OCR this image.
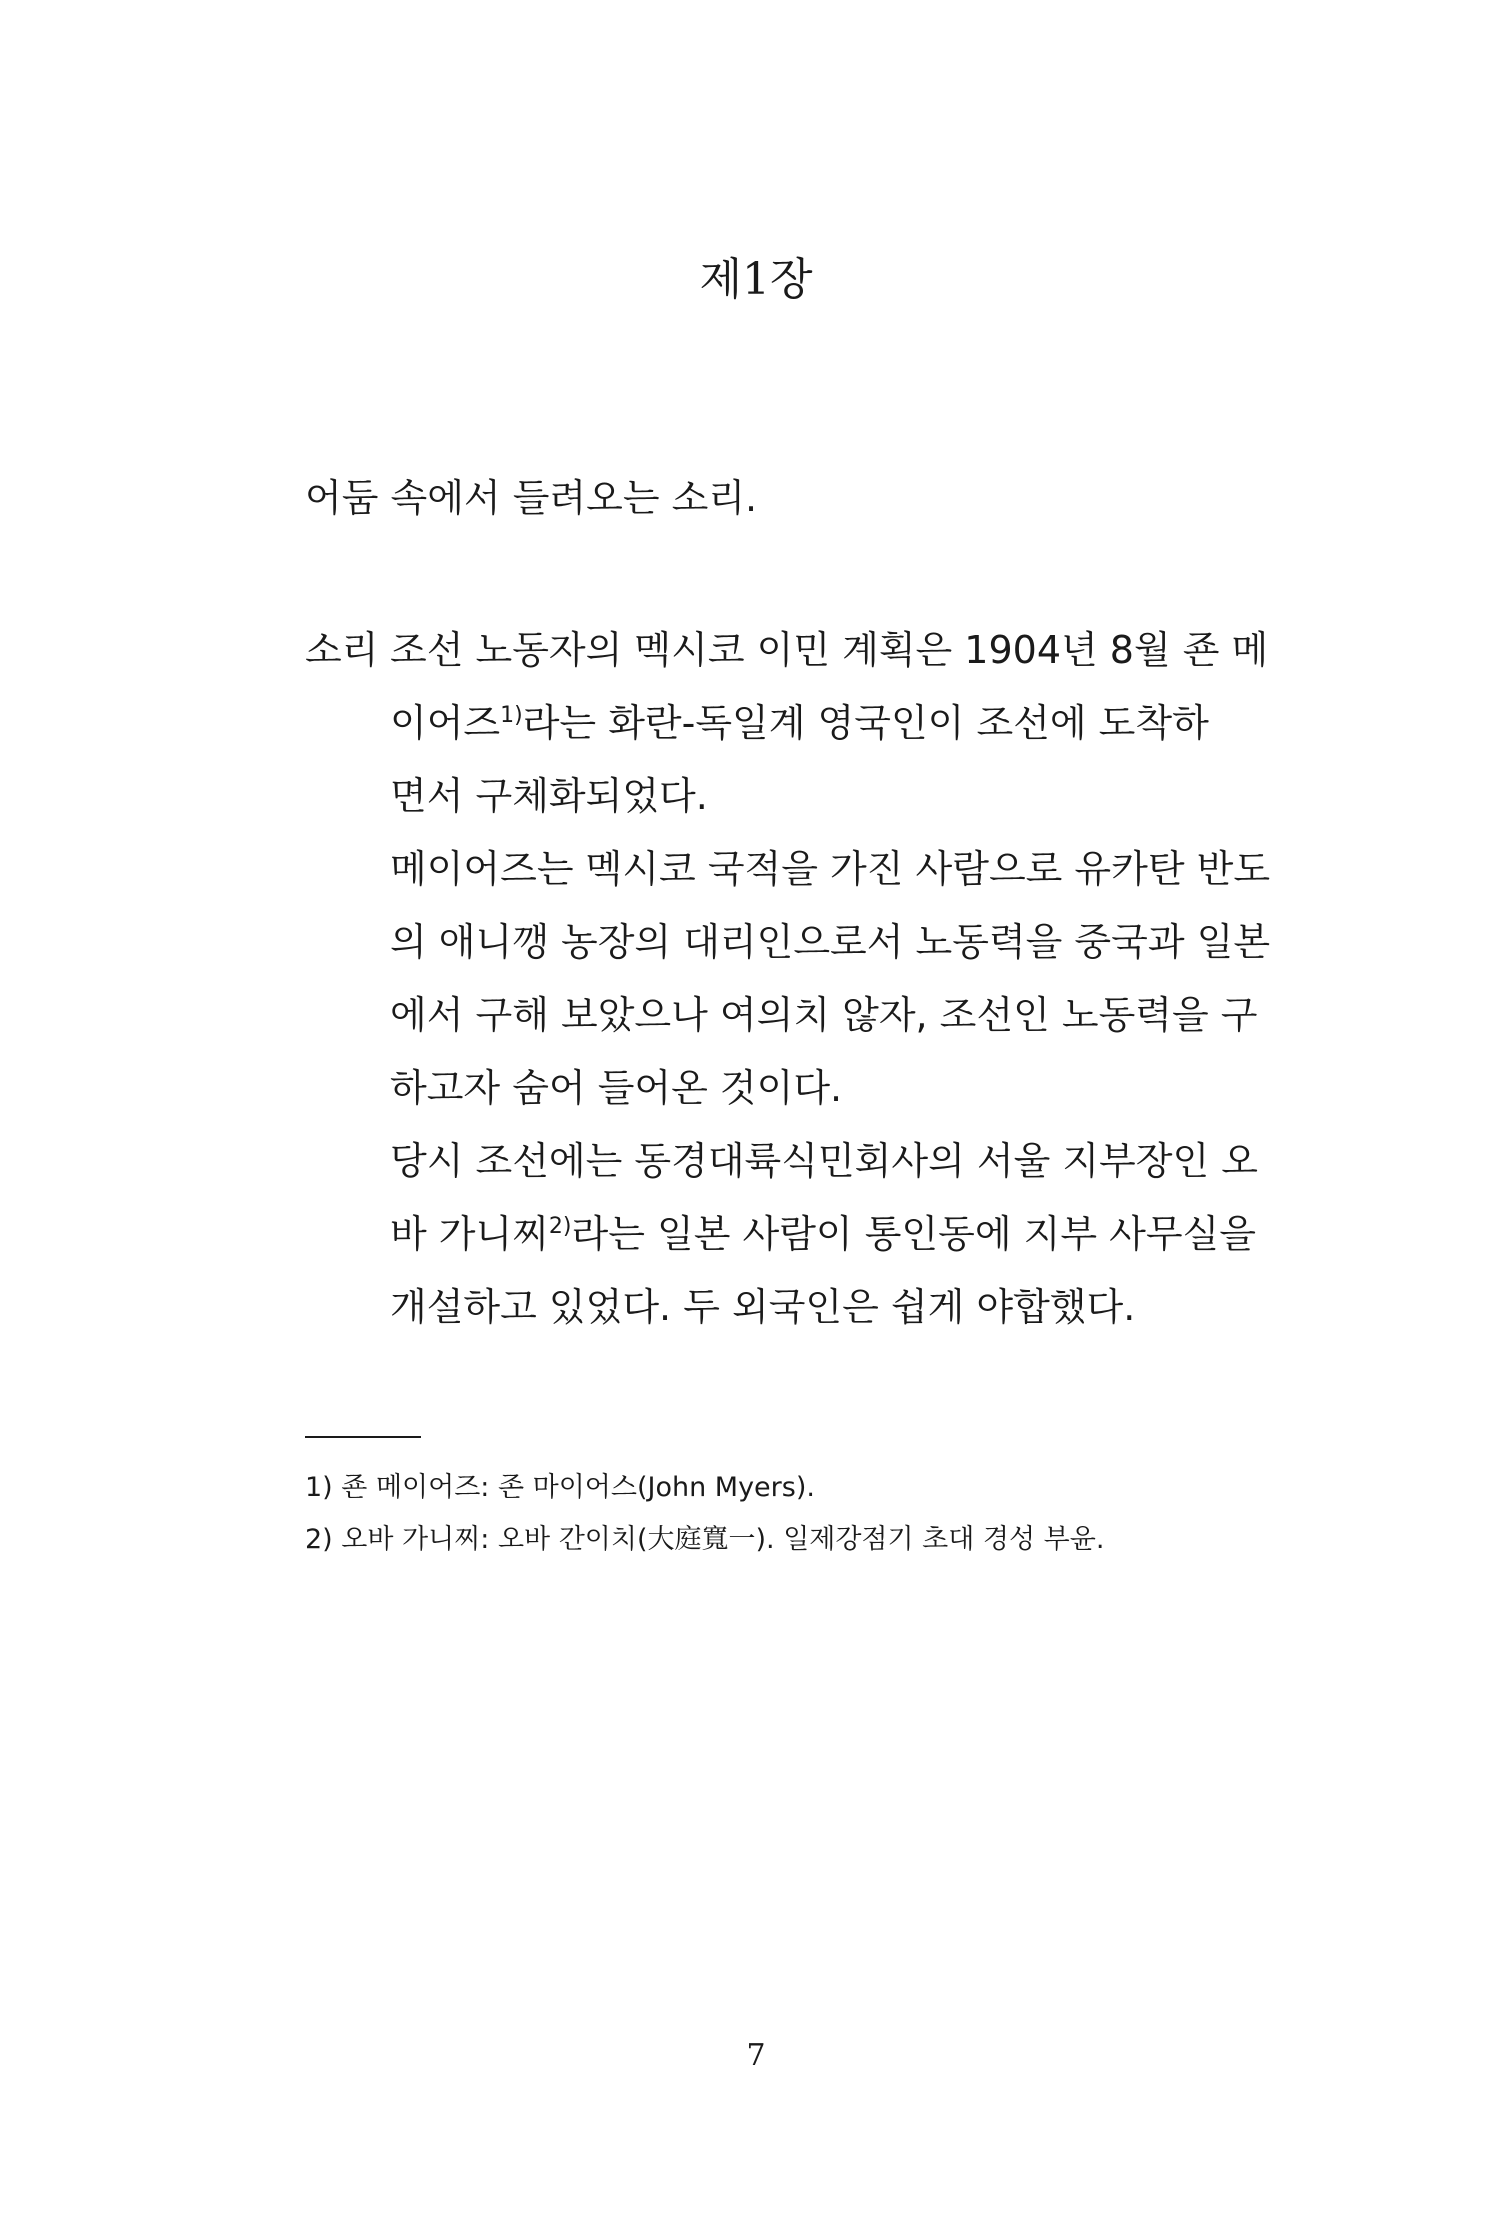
제1장

어둠 속에서 들려오는 소리.

소리 조선 노동자의 멕시코 이민 계획은 1904년 8월 죤 메
이어즈$^{1)}$라는 화란-독일계 영국인이 조선에 도착하
면서 구체화되었다.
메이어즈는 멕시코 국적을 가진 사람으로 유카탄 반도
의 애니깽 농장의 대리인으로서 노동력을 중국과 일본
에서 구해 보았으나 여의치 않자, 조선인 노동력을 구
하고자 숨어 들어온 것이다.
당시 조선에는 동경대륙식민회사의 서울 지부장인 오
바 가니찌$^{2)}$라는 일본 사람이 통인동에 지부 사무실을
개설하고 있었다. 두 외국인은 쉽게 야합했다.
1) 죤 메이어즈: 존 마이어스(John Myers).
2) 오바 가니찌: 오바 간이치(大庭寬一). 일제강점기 초대 경성 부윤.

7
